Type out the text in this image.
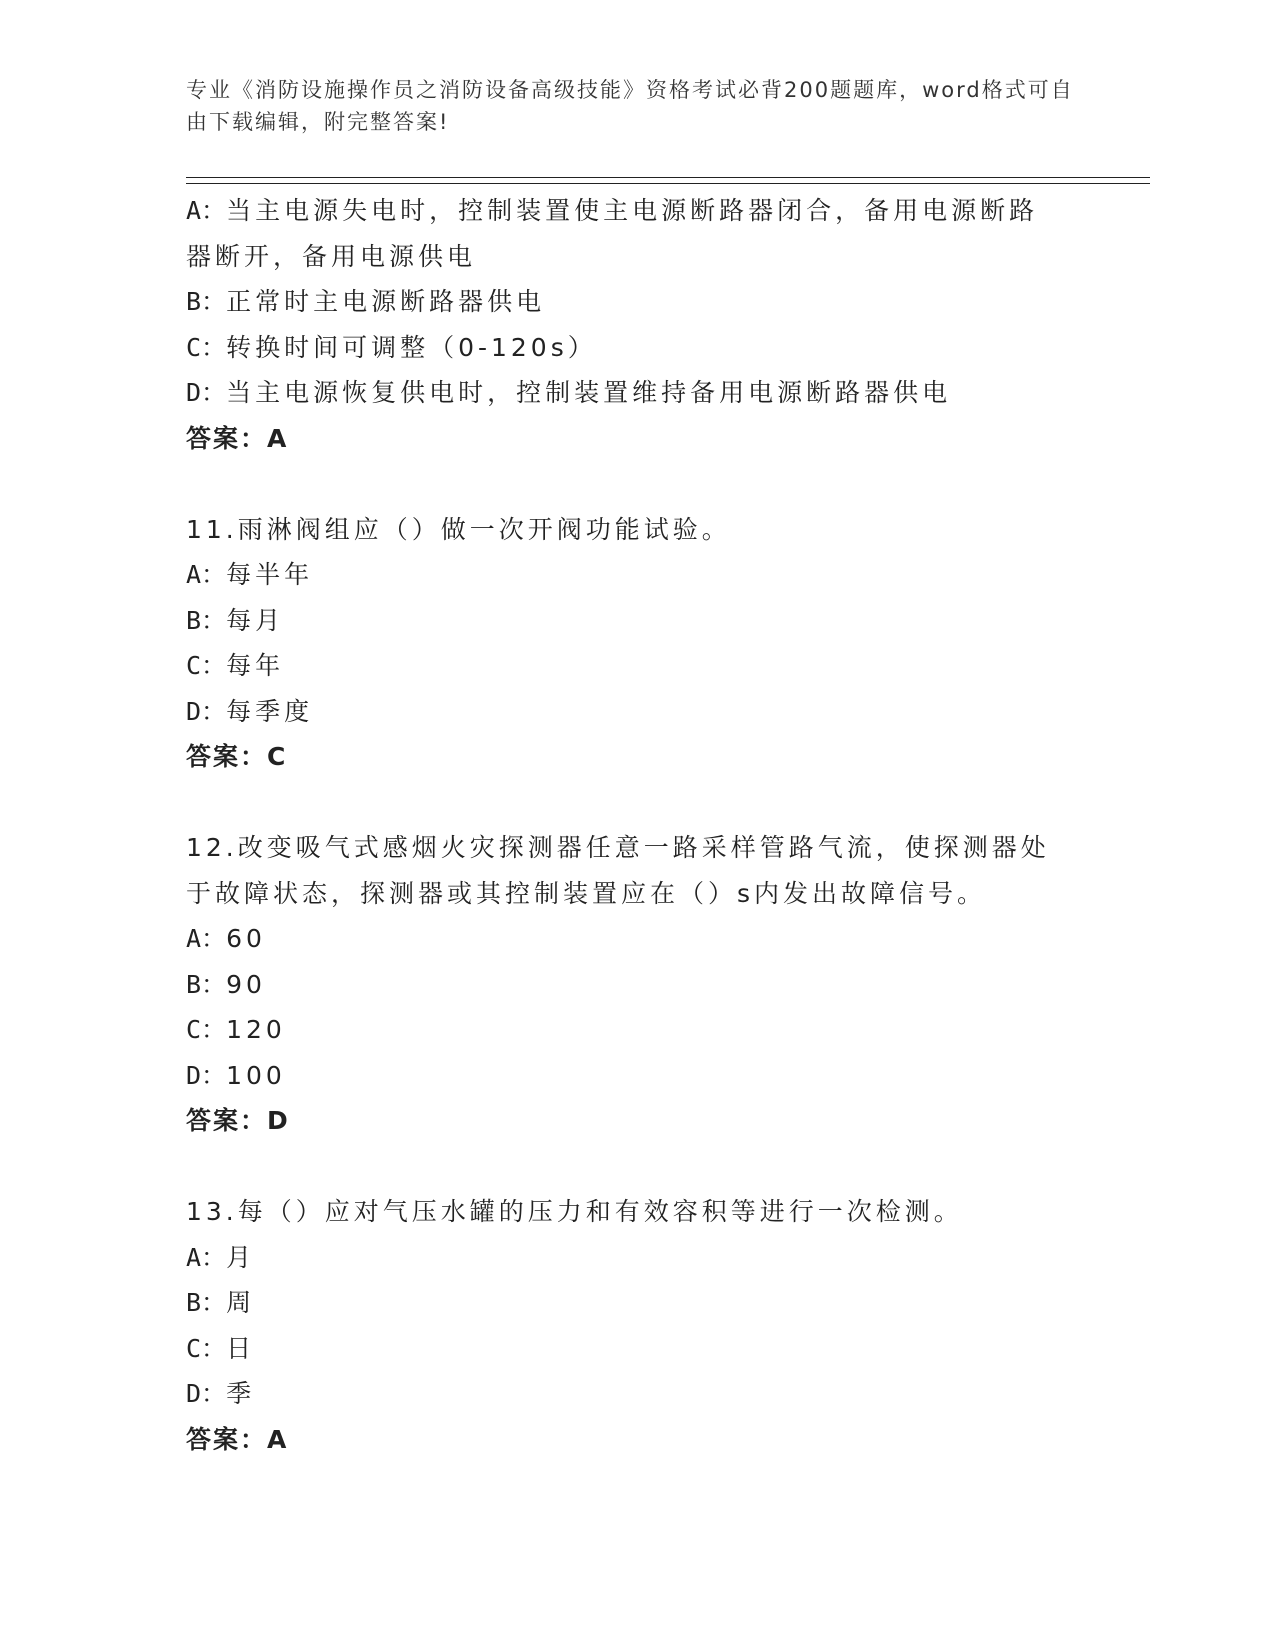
专业《消防设施操作员之消防设备高级技能》资格考试必背200题题库，word格式可自由下载编辑，附完整答案!
A：当主电源失电时，控制装置使主电源断路器闭合，备用电源断路器断开，备用电源供电
B：正常时主电源断路器供电
C：转换时间可调整（0-120s）
D：当主电源恢复供电时，控制装置维持备用电源断路器供电
答案：A
11.雨淋阀组应（）做一次开阀功能试验。
A：每半年
B：每月
C：每年
D：每季度
答案：C
12.改变吸气式感烟火灾探测器任意一路采样管路气流，使探测器处于故障状态，探测器或其控制装置应在（）s内发出故障信号。
A：60
B：90
C：120
D：100
答案：D
13.每（）应对气压水罐的压力和有效容积等进行一次检测。
A：月
B：周
C：日
D：季
答案：A
